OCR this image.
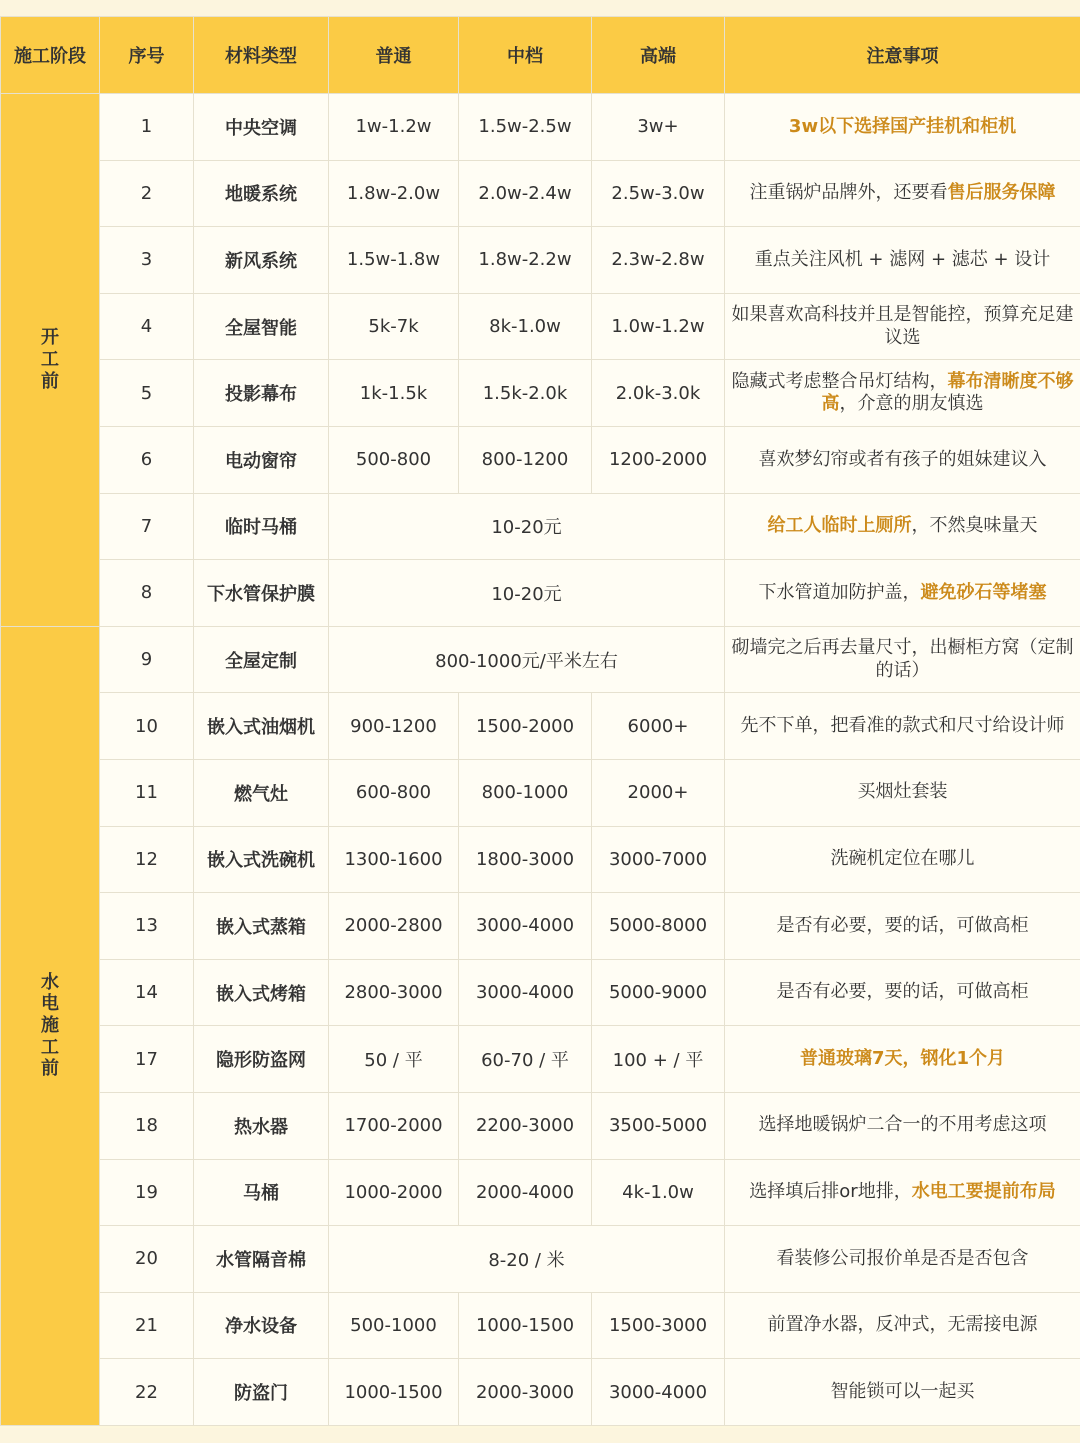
施工阶段	序号	材料类型	普通	中档	高端	注意事项
开工前	1	中央空调	1w-1.2w	1.5w-2.5w	3w+	3w以下选择国产挂机和柜机
	2	地暖系统	1.8w-2.0w	2.0w-2.4w	2.5w-3.0w	注重锅炉品牌外，还要看售后服务保障
	3	新风系统	1.5w-1.8w	1.8w-2.2w	2.3w-2.8w	重点关注风机 + 滤网 + 滤芯 + 设计
	4	全屋智能	5k-7k	8k-1.0w	1.0w-1.2w	如果喜欢高科技并且是智能控，预算充足建议选
	5	投影幕布	1k-1.5k	1.5k-2.0k	2.0k-3.0k	隐藏式考虑整合吊灯结构，幕布清晰度不够高，介意的朋友慎选
	6	电动窗帘	500-800	800-1200	1200-2000	喜欢梦幻帘或者有孩子的姐妹建议入
	7	临时马桶	10-20元			给工人临时上厕所，不然臭味量天
	8	下水管保护膜	10-20元			下水管道加防护盖，避免砂石等堵塞
水电施工前	9	全屋定制	800-1000元/平米左右			砌墙完之后再去量尺寸，出橱柜方窝（定制的话）
	10	嵌入式油烟机	900-1200	1500-2000	6000+	先不下单，把看准的款式和尺寸给设计师
	11	燃气灶	600-800	800-1000	2000+	买烟灶套装
	12	嵌入式洗碗机	1300-1600	1800-3000	3000-7000	洗碗机定位在哪儿
	13	嵌入式蒸箱	2000-2800	3000-4000	5000-8000	是否有必要，要的话，可做高柜
	14	嵌入式烤箱	2800-3000	3000-4000	5000-9000	是否有必要，要的话，可做高柜
	17	隐形防盗网	50 / 平	60-70 / 平	100 + / 平	普通玻璃7天，钢化1个月
	18	热水器	1700-2000	2200-3000	3500-5000	选择地暖锅炉二合一的不用考虑这项
	19	马桶	1000-2000	2000-4000	4k-1.0w	选择填后排or地排，水电工要提前布局
	20	水管隔音棉	8-20 / 米			看装修公司报价单是否是否包含
	21	净水设备	500-1000	1000-1500	1500-3000	前置净水器，反冲式，无需接电源
	22	防盗门	1000-1500	2000-3000	3000-4000	智能锁可以一起买
